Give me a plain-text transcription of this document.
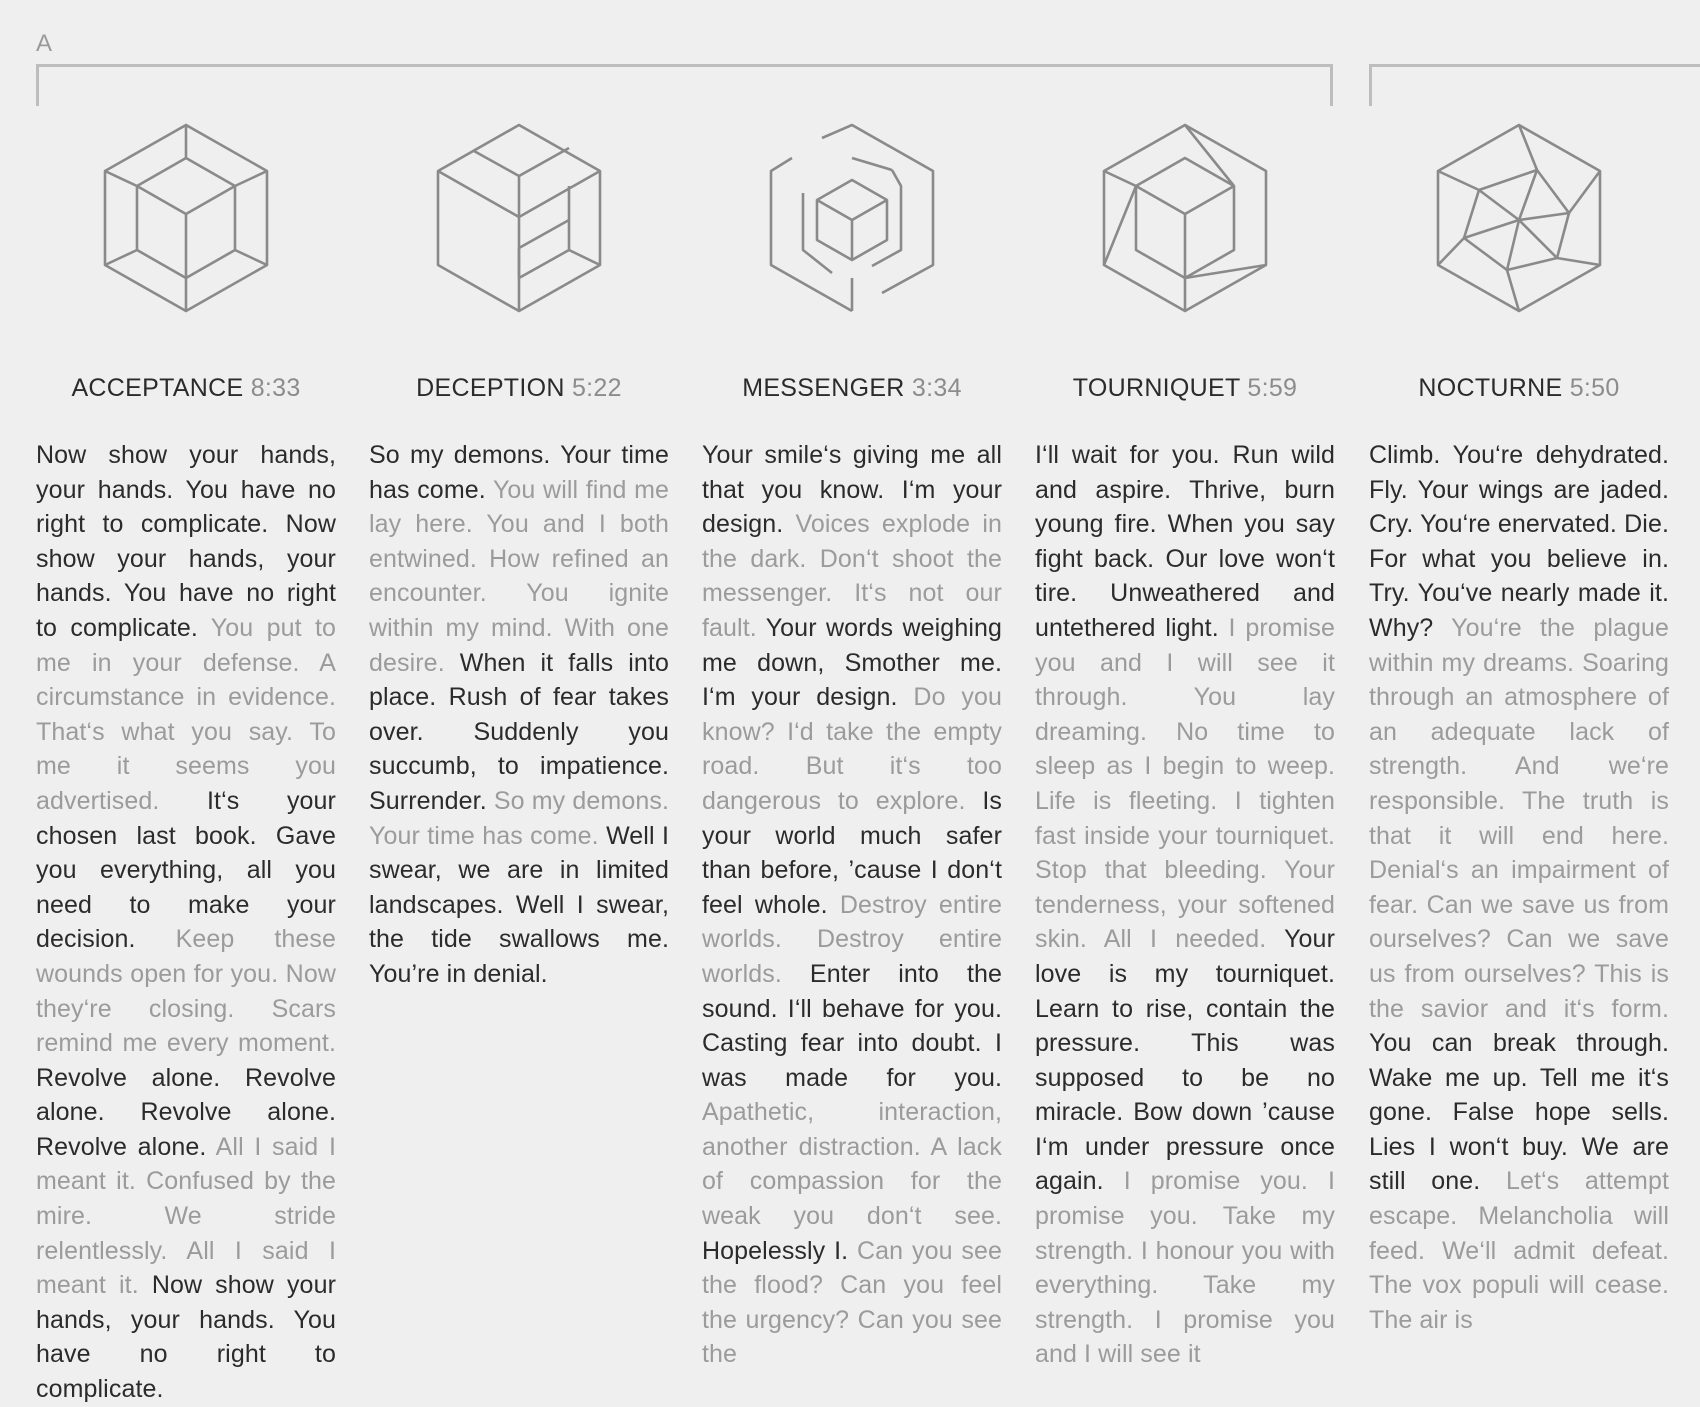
A
ACCEPTANCE 8:33
Now show your hands, your hands. You have no right to complicate. Now show your hands, your hands. You have no right to complicate. You put to me in your defense. A circumstance in evidence. That‘s what you say. To me it seems you advertised. It‘s your chosen last book. Gave you everything, all you need to make your decision. Keep these wounds open for you. Now they‘re closing. Scars remind me every moment. Revolve alone. Revolve alone. Revolve alone. Revolve alone. All I said I meant it. Confused by the mire. We stride relentlessly. All I said I meant it. Now show your hands, your hands. You have no right to complicate.
DECEPTION 5:22
So my demons. Your time has come. You will find me lay here. You and I both entwined. How refined an encounter. You ignite within my mind. With one desire. When it falls into place. Rush of fear takes over. Suddenly you succumb, to impatience. Surrender. So my demons. Your time has come. Well I swear, we are in limited landscapes. Well I swear, the tide swallows me. You’re in denial.
MESSENGER 3:34
Your smile‘s giving me all that you know. I‘m your design. Voices explode in the dark. Don‘t shoot the messenger. It‘s not our fault. Your words weighing me down, Smother me. I‘m your design. Do you know? I‘d take the empty road. But it‘s too dangerous to explore. Is your world much safer than before, ’cause I don‘t feel whole. Destroy entire worlds. Destroy entire worlds. Enter into the sound. I‘ll behave for you. Casting fear into doubt. I was made for you. Apathetic, interaction, another distraction. A lack of compassion for the weak you don‘t see. Hopelessly I. Can you see the flood? Can you feel the urgency? Can you see the
TOURNIQUET 5:59
I‘ll wait for you. Run wild and aspire. Thrive, burn young fire. When you say fight back. Our love won‘t tire. Unweathered and untethered light. I promise you and I will see it through. You lay dreaming. No time to sleep as I begin to weep. Life is fleeting. I tighten fast inside your tourniquet. Stop that bleeding. Your tenderness, your softened skin. All I needed. Your love is my tourniquet. Learn to rise, contain the pressure. This was supposed to be no miracle. Bow down ’cause I‘m under pressure once again. I promise you. I promise you. Take my strength. I honour you with everything. Take my strength. I promise you and I will see it
NOCTURNE 5:50
Climb. You‘re dehydrated. Fly. Your wings are jaded. Cry. You‘re enervated. Die. For what you believe in. Try. You‘ve nearly made it. Why? You‘re the plague within my dreams. Soaring through an atmosphere of an adequate lack of strength. And we‘re responsible. The truth is that it will end here. Denial‘s an impairment of fear. Can we save us from ourselves? Can we save us from ourselves? This is the savior and it‘s form. You can break through. Wake me up. Tell me it‘s gone. False hope sells. Lies I won‘t buy. We are still one. Let‘s attempt escape. Melancholia will feed. We‘ll admit defeat. The vox populi will cease. The air is
